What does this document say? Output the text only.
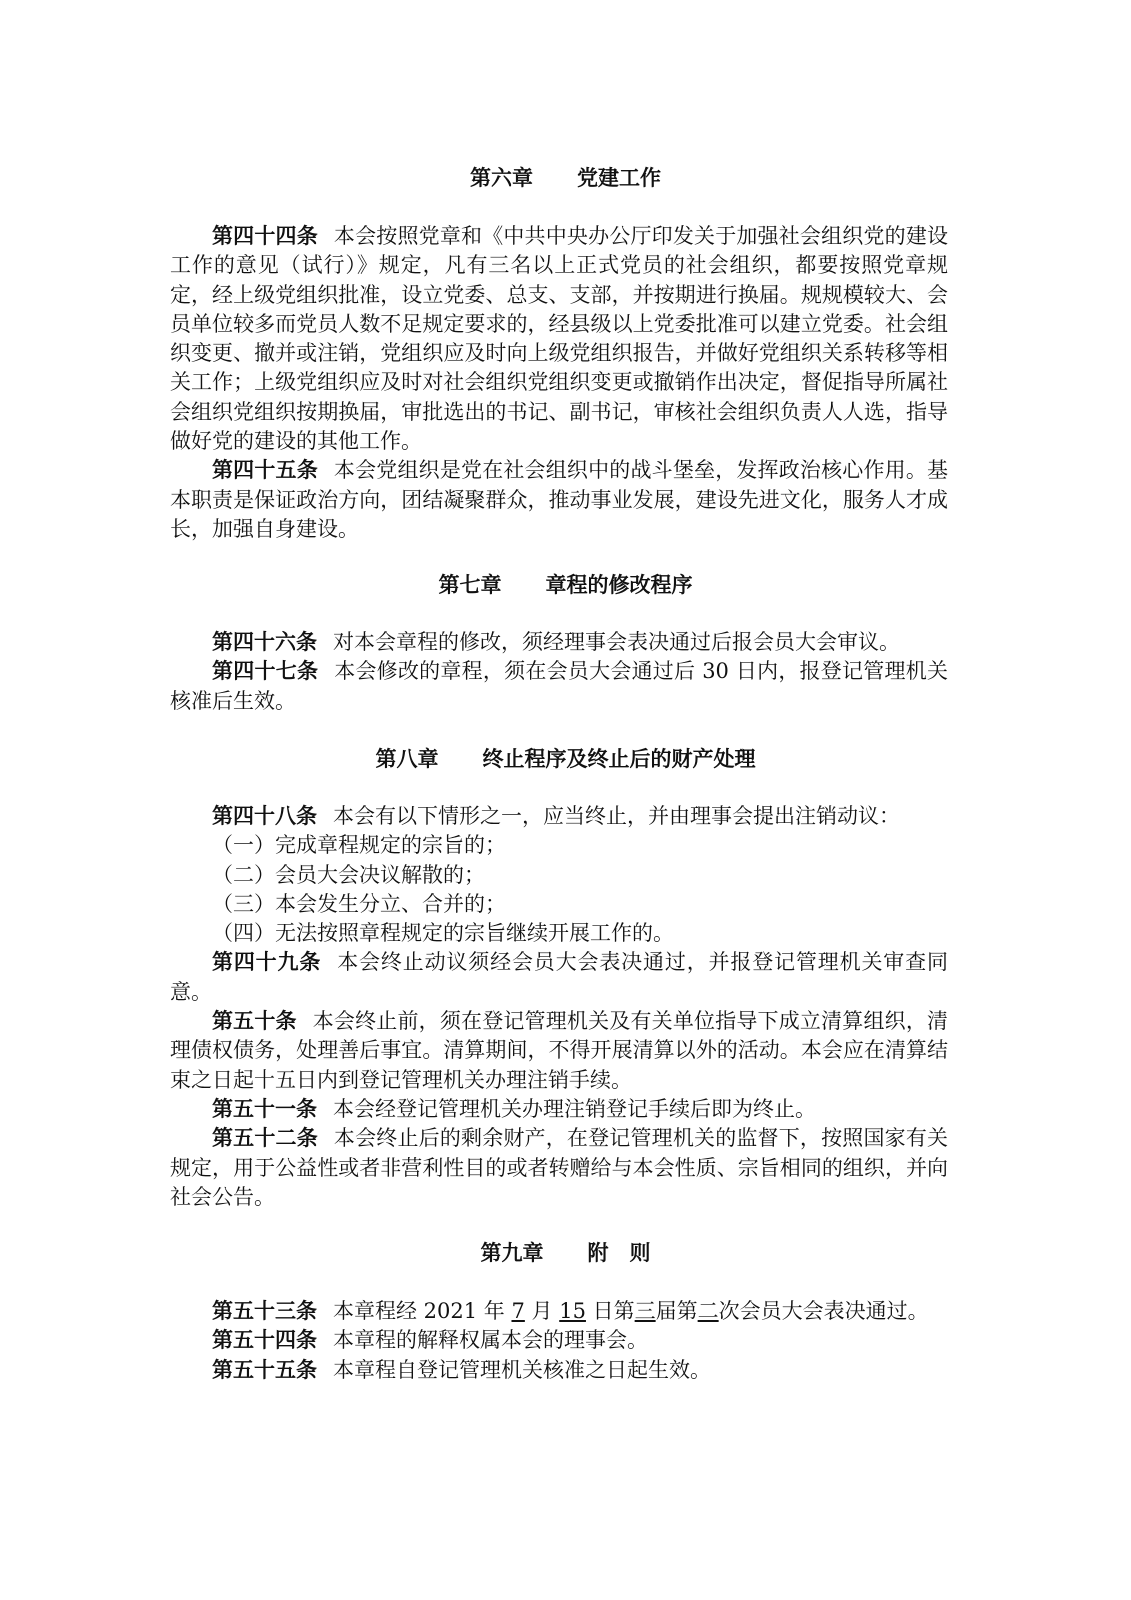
第六章 党建工作

第四十四条 本会按照党章和《中共中央办公厅印发关于加强社会组织党的建设工作的意见（试行）》规定，凡有三名以上正式党员的社会组织，都要按照党章规定，经上级党组织批准，设立党委、总支、支部，并按期进行换届。规规模较大、会员单位较多而党员人数不足规定要求的，经县级以上党委批准可以建立党委。社会组织变更、撤并或注销，党组织应及时向上级党组织报告，并做好党组织关系转移等相关工作；上级党组织应及时对社会组织党组织变更或撤销作出决定，督促指导所属社会组织党组织按期换届，审批选出的书记、副书记，审核社会组织负责人人选，指导做好党的建设的其他工作。

第四十五条 本会党组织是党在社会组织中的战斗堡垒，发挥政治核心作用。基本职责是保证政治方向，团结凝聚群众，推动事业发展，建设先进文化，服务人才成长，加强自身建设。

第七章 章程的修改程序

第四十六条 对本会章程的修改，须经理事会表决通过后报会员大会审议。

第四十七条 本会修改的章程，须在会员大会通过后 30 日内，报登记管理机关核准后生效。

第八章 终止程序及终止后的财产处理

第四十八条 本会有以下情形之一，应当终止，并由理事会提出注销动议：

（一）完成章程规定的宗旨的；

（二）会员大会决议解散的；

（三）本会发生分立、合并的；

（四）无法按照章程规定的宗旨继续开展工作的。

第四十九条 本会终止动议须经会员大会表决通过，并报登记管理机关审查同意。

第五十条 本会终止前，须在登记管理机关及有关单位指导下成立清算组织，清理债权债务，处理善后事宜。清算期间，不得开展清算以外的活动。本会应在清算结束之日起十五日内到登记管理机关办理注销手续。

第五十一条 本会经登记管理机关办理注销登记手续后即为终止。

第五十二条 本会终止后的剩余财产，在登记管理机关的监督下，按照国家有关规定，用于公益性或者非营利性目的或者转赠给与本会性质、宗旨相同的组织，并向社会公告。

第九章 附　则

第五十三条 本章程经 2021 年 7 月 15 日第三届第二次会员大会表决通过。

第五十四条 本章程的解释权属本会的理事会。

第五十五条 本章程自登记管理机关核准之日起生效。
